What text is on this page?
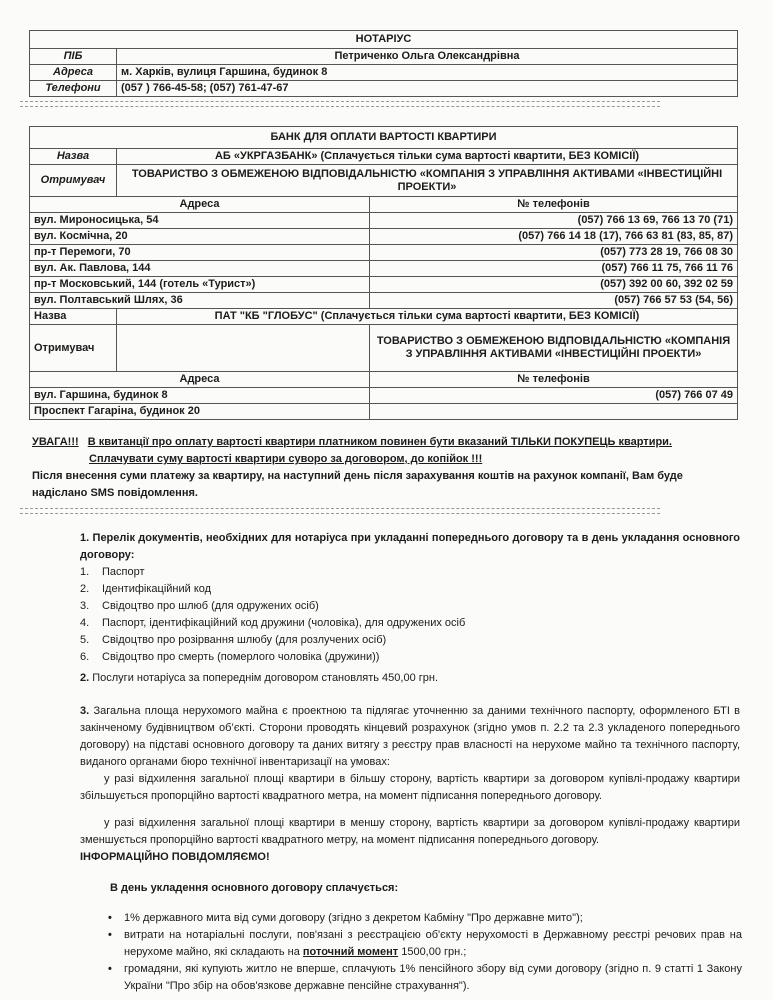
НОТАРІУС	
ПІБ	Петриченко Ольга Олександрівна
Адреса	м. Харків, вулиця Гаршина, будинок 8
Телефони	(057 ) 766-45-58; (057) 761-47-67
БАНК ДЛЯ ОПЛАТИ ВАРТОСТІ КВАРТИРИ		
Назва	АБ «УКРГАЗБАНК» (Сплачується тільки сума вартості квартити, БЕЗ КОМІСІЇ)	
Отримувач	ТОВАРИСТВО З ОБМЕЖЕНОЮ ВІДПОВІДАЛЬНІСТЮ «КОМПАНІЯ З УПРАВЛІННЯ АКТИВАМИ «ІНВЕСТИЦІЙНІ ПРОЕКТИ»	
Адреса		№ телефонів
вул. Мироносицька, 54		(057) 766 13 69, 766 13 70 (71)
вул. Космічна, 20		(057) 766 14 18 (17), 766 63 81 (83, 85, 87)
пр-т Перемоги, 70		(057) 773 28 19, 766 08 30
вул. Ак. Павлова, 144		(057) 766 11 75, 766 11 76
пр-т Московський, 144 (готель «Турист»)		(057) 392 00 60, 392 02 59
вул. Полтавський Шлях, 36		(057) 766 57 53 (54, 56)
Назва	ПАТ "КБ "ГЛОБУС" (Сплачується тільки сума вартості квартити, БЕЗ КОМІСІЇ)	
Отримувач		ТОВАРИСТВО З ОБМЕЖЕНОЮ ВІДПОВІДАЛЬНІСТЮ «КОМПАНІЯ З УПРАВЛІННЯ АКТИВАМИ «ІНВЕСТИЦІЙНІ ПРОЕКТИ»
Адреса		№ телефонів
вул. Гаршина, будинок 8		(057) 766 07 49
Проспект Гагаріна, будинок 20		
УВАГА!!! В квитанції про оплату вартості квартири платником повинен бути вказаний ТІЛЬКИ ПОКУПЕЦЬ квартири.
Сплачувати суму вартості квартири суворо за договором, до копійок !!!
Після внесення суми платежу за квартиру, на наступний день після зарахування коштів на рахунок компанії, Вам буде надіслано SMS повідомлення.
1. Перелік документів, необхідних для нотаріуса при укладанні попереднього договору та в день укладання основного договору:
1.	Паспорт
2.	Ідентифікаційний код
3.	Свідоцтво про шлюб (для одружених осіб)
4.	Паспорт, ідентифікаційний код дружини (чоловіка), для одружених осіб
5.	Свідоцтво про розірвання шлюбу (для розлучених осіб)
6.	Свідоцтво про смерть (померлого чоловіка (дружини))
2. Послуги нотаріуса за попереднім договором становлять 450,00 грн.
3. Загальна площа нерухомого майна є проектною та підлягає уточненню за даними технічного паспорту, оформленого БТІ в закінченому будівництвом об’єкті. Сторони проводять кінцевий розрахунок (згідно умов п. 2.2 та 2.3 укладеного попереднього договору) на підставі основного договору та даних витягу з реєстру прав власності на нерухоме майно та технічного паспорту, виданого органами бюро технічної інвентаризації на умовах:
у разі відхилення загальної площі квартири в більшу сторону, вартість квартири за договором купівлі-продажу квартири збільшується пропорційно вартості квадратного метра, на момент підписання попереднього договору.
у разі відхилення загальної площі квартири в меншу сторону, вартість квартири за договором купівлі-продажу квартири зменшується пропорційно вартості квадратного метру, на момент підписання попереднього договору.
ІНФОРМАЦІЙНО ПОВІДОМЛЯЄМО!
В день укладення основного договору сплачується:
•	1% державного мита від суми договору (згідно з декретом Кабміну "Про державне мито");
•	витрати на нотаріальні послуги, пов'язані з реєстрацією об'єкту нерухомості в Державному реєстрі речових прав на нерухоме майно, які складають на поточний момент 1500,00 грн.;
•	громадяни, які купують житло не вперше, сплачують 1% пенсійного збору від суми договору (згідно п. 9 статті 1 Закону України "Про збір на обов'язкове державне пенсійне страхування").
